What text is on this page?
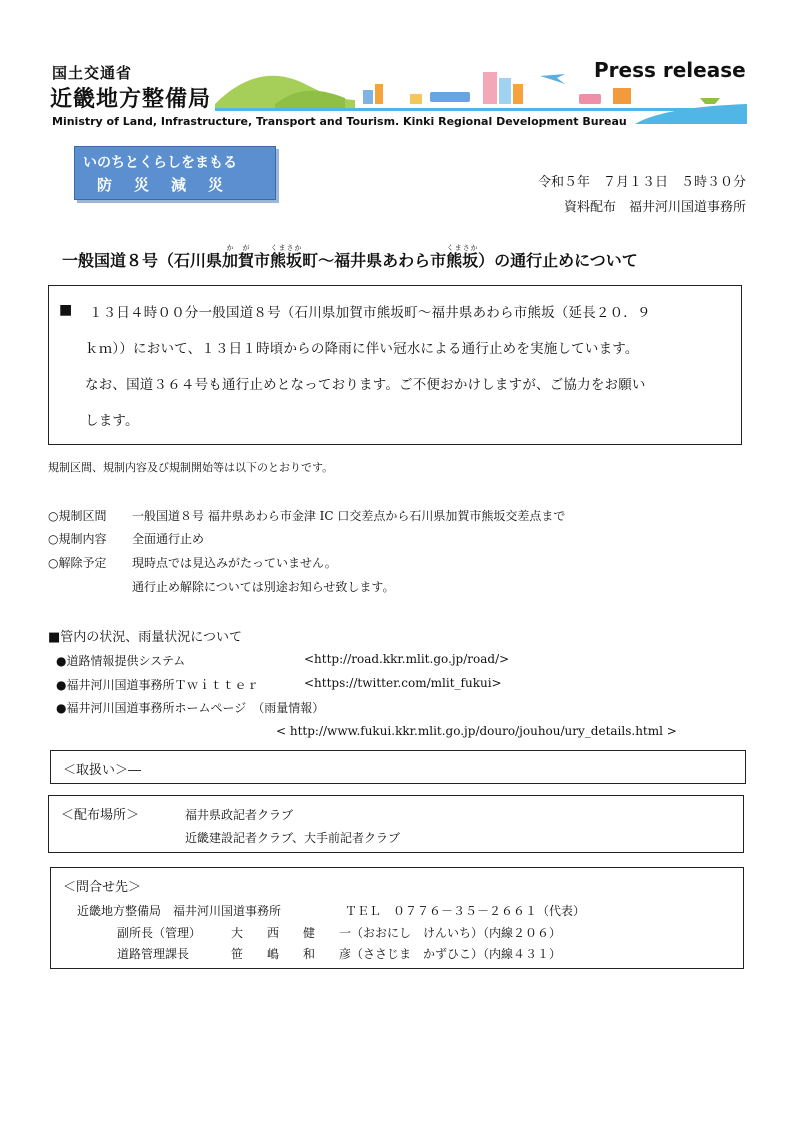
国土交通省
近畿地方整備局
Press release
Ministry of Land, Infrastructure, Transport and Tourism. Kinki Regional Development Bureau
いのちとくらしをまもる
防災減災	令和５年　７月１３日　５時３０分
資料配布　福井河川国道事務所
一般国道８号（石川県加賀かが市熊坂くまさか町～福井県あわら市熊坂くまさか）の通行止めについて
■ １３日４時００分一般国道８号（石川県加賀市熊坂町～福井県あわら市熊坂（延長２０．９
ｋｍ））において、１３日１時頃からの降雨に伴い冠水による通行止めを実施しています。
なお、国道３６４号も通行止めとなっております。ご不便おかけしますが、ご協力をお願い
します。
規制区間、規制内容及び規制開始等は以下のとおりです。
○規制区間 一般国道８号 福井県あわら市金津 IC 口交差点から石川県加賀市熊坂交差点まで
○規制内容 全面通行止め
○解除予定 現時点では見込みがたっていません。
通行止め解除については別途お知らせ致します。
■管内の状況、雨量状況について
●道路情報提供システム	<http://road.kkr.mlit.go.jp/road/>
●福井河川国道事務所Ｔｗｉｔｔｅｒ	<https://twitter.com/mlit_fukui>
●福井河川国道事務所ホームページ　（雨量情報）
< http://www.fukui.kkr.mlit.go.jp/douro/jouhou/ury_details.html >
＜取扱い＞―
＜配布場所＞	福井県政記者クラブ
近畿建設記者クラブ、大手前記者クラブ
＜問合せ先＞
近畿地方整備局　福井河川国道事務所	ＴＥＬ　０７７６－３５－２６６１（代表）
副所長（管理） 大　　西　　健　　一（おおにし　けんいち）（内線２０６）
道路管理課長	笹　　嶋　　和　　彦（ささじま　かずひこ）（内線４３１）
